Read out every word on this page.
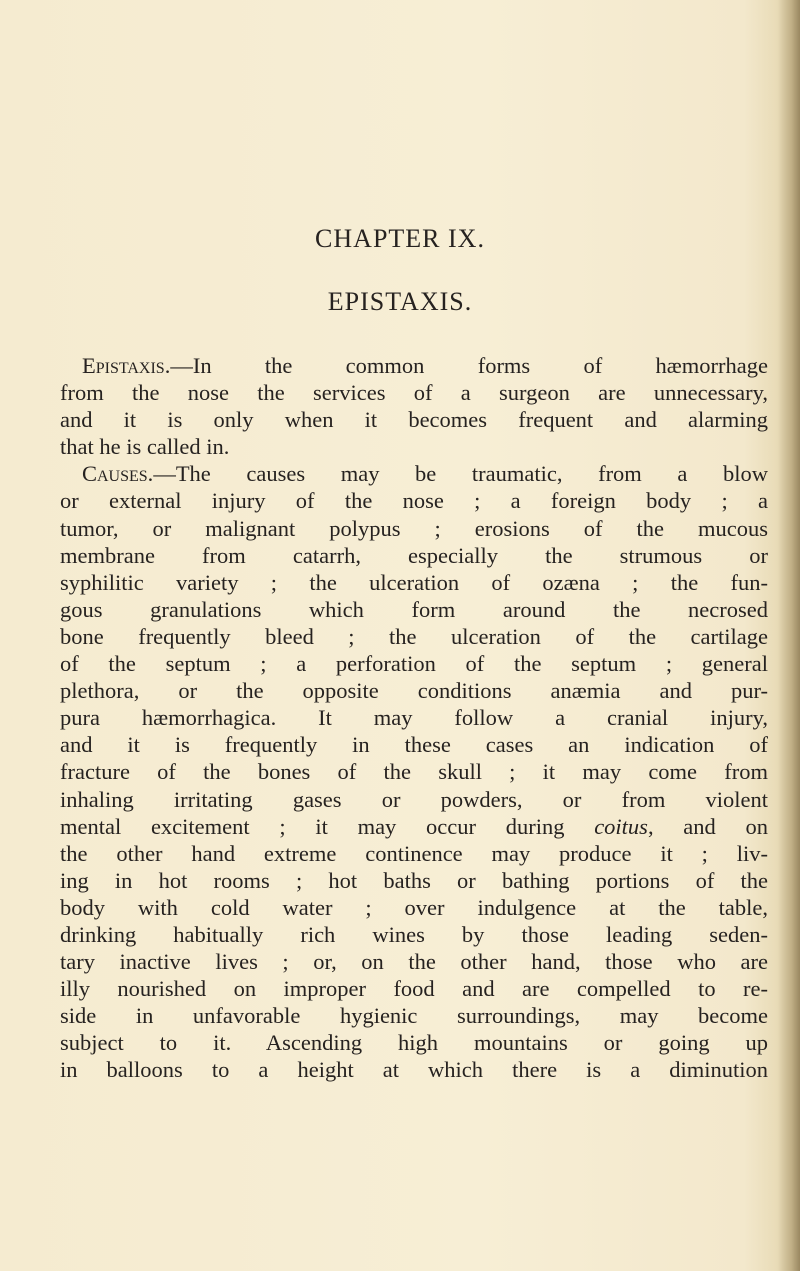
CHAPTER IX.
EPISTAXIS.
Epistaxis.—In the common forms of hæmorrhage
from the nose the services of a surgeon are unnecessary,
and it is only when it becomes frequent and alarming
that he is called in.
Causes.—The causes may be traumatic, from a blow
or external injury of the nose ; a foreign body ; a
tumor, or malignant polypus ; erosions of the mucous
membrane from catarrh, especially the strumous or
syphilitic variety ; the ulceration of ozæna ; the fun-
gous granulations which form around the necrosed
bone frequently bleed ; the ulceration of the cartilage
of the septum ; a perforation of the septum ; general
plethora, or the opposite conditions anæmia and pur-
pura hæmorrhagica. It may follow a cranial injury,
and it is frequently in these cases an indication of
fracture of the bones of the skull ; it may come from
inhaling irritating gases or powders, or from violent
mental excitement ; it may occur during coitus, and on
the other hand extreme continence may produce it ; liv-
ing in hot rooms ; hot baths or bathing portions of the
body with cold water ; over indulgence at the table,
drinking habitually rich wines by those leading seden-
tary inactive lives ; or, on the other hand, those who are
illy nourished on improper food and are compelled to re-
side in unfavorable hygienic surroundings, may become
subject to it. Ascending high mountains or going up
in balloons to a height at which there is a diminution
